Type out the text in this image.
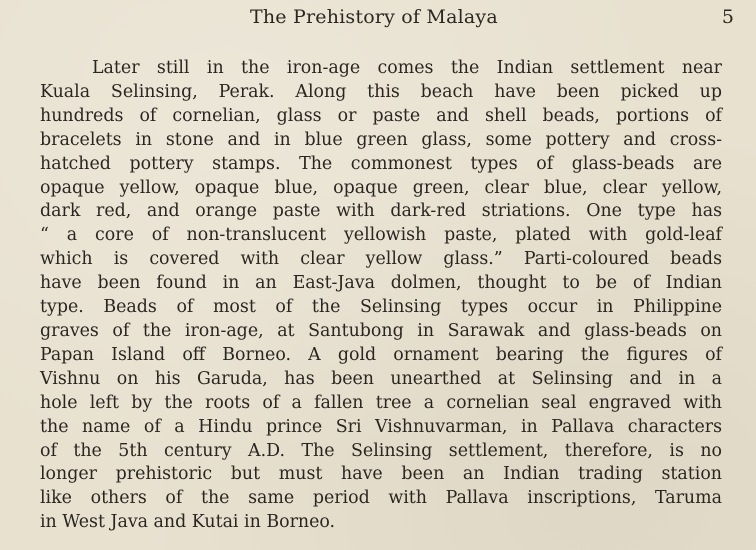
The Prehistory of Malaya	5
Later still in the iron-age comes the Indian settlement near
Kuala Selinsing, Perak. Along this beach have been picked up
hundreds of cornelian, glass or paste and shell beads, portions of
bracelets in stone and in blue green glass, some pottery and cross-
hatched pottery stamps. The commonest types of glass-beads are
opaque yellow, opaque blue, opaque green, clear blue, clear yellow,
dark red, and orange paste with dark-red striations. One type has
“ a core of non-translucent yellowish paste, plated with gold-leaf
which is covered with clear yellow glass.” Parti-coloured beads
have been found in an East-Java dolmen, thought to be of Indian
type. Beads of most of the Selinsing types occur in Philippine
graves of the iron-age, at Santubong in Sarawak and glass-beads on
Papan Island off Borneo. A gold ornament bearing the figures of
Vishnu on his Garuda, has been unearthed at Selinsing and in a
hole left by the roots of a fallen tree a cornelian seal engraved with
the name of a Hindu prince Sri Vishnuvarman, in Pallava characters
of the 5th century A.D. The Selinsing settlement, therefore, is no
longer prehistoric but must have been an Indian trading station
like others of the same period with Pallava inscriptions, Taruma
in West Java and Kutai in Borneo.
